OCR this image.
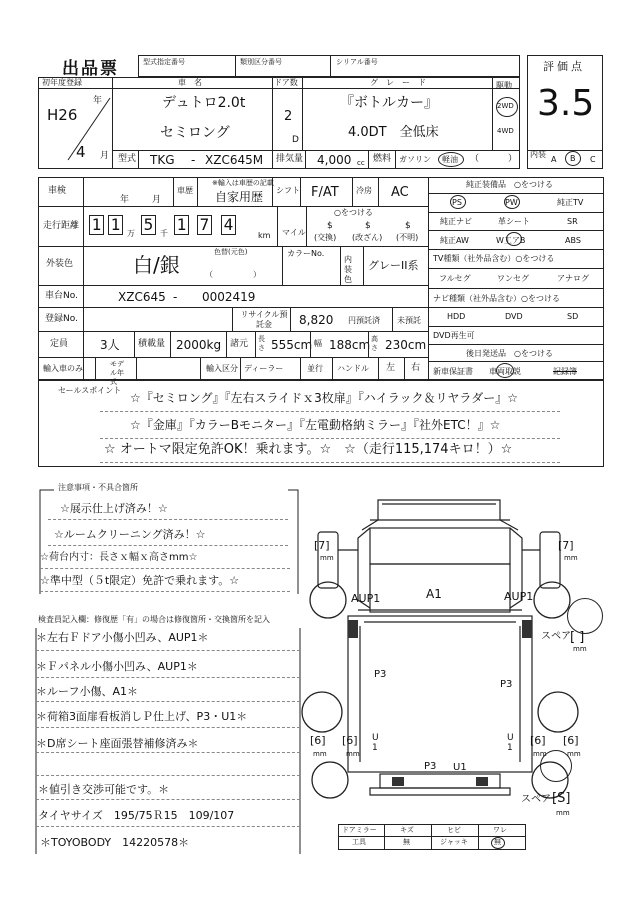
出品票	型式指定番号	類別区分番号	シリアル番号	評価点
3.5
初年度登録
H26
年
4 月
車　名
デュトロ2.0t
セミロング
ドア数
2
D
グ　レ　ー　ド
『ボトルカー』
4.0DT　全低床
駆動
2WD
4WD
型式 TKG - XZC645M 排気量 4,000 cc 燃料 ガソリン 軽油 （	） 内装
A B C
車検
年	月
車歴
※輸入は車歴の記載
自家用歴 シフト F/AT 冷房 AC
走行距離 1 1 万 5 千 1 7 4
km マイル
○をつける
$
(交換)
$
(改ざん)
$
(不明)
外装色
色替(元色)
白/銀	（　　　　　）
カラーNo.
内装色
グレーII系
車台No.	XZC645 - 0002419
登録No.	リサイクル預託金	8,820 円預託済 未預託
定員	3人 積載量 2000kg 諸元 長さ 555cm 幅 188cm 高さ 230cm
輸入車のみ	モデル年式
輸入区分 ディーラー	並行 ハンドル 左 右
純正装備品　○をつける
PS	PW	純正TV
純正ナビ	革シート	SR
純正AW	W工アB	ABS
TV種類（社外品含む）○をつける
フルセグ	ワンセグ	アナログ
ナビ種類（社外品含む）○をつける
HDD	DVD	SD
DVD再生可
後日発送品　○をつける
新車保証書 車両取説	記録簿
セールスポイント
☆『セミロング』『左右スライドｘ3枚扉』『ハイラック＆リヤラダー』☆
☆『金庫』『カラーBモニター』『左電動格納ミラー』『社外ETC！』☆
☆ オートマ限定免許OK！乗れます。☆　☆（走行115,174キロ！）☆
注意事項・不具合箇所
☆展示仕上げ済み！☆
☆ルームクリーニング済み！☆
☆荷台内寸：長さｘ幅ｘ高さmm☆
☆準中型（５t限定）免許で乗れます。☆
検査員記入欄：修復歴「有」の場合は修復箇所・交換箇所を記入
＊左右Ｆドア小傷小凹み、AUP1＊
＊Ｆパネル小傷小凹み、AUP1＊
＊ルーフ小傷、A1＊
＊荷箱3面扉看板消しＰ仕上げ、P3・U1＊
＊D席シート座面張替補修済み＊
＊値引き交渉可能です。＊
タイヤサイズ　195/75Ｒ15　109/107
＊TOYOBODY　14220578＊
A1
AUP1	AUP1
P3
P3
P3
U
1
U
1
U1
[7]
mm
[7]
mm
[6]
mm
[6]
mm
[6]
mm
[6]
mm
スペア [ ]
mm
スペア [S]
mm
ドアミラー	キズ	ヒビ	ワレ
工具	無	ジャッキ	無
